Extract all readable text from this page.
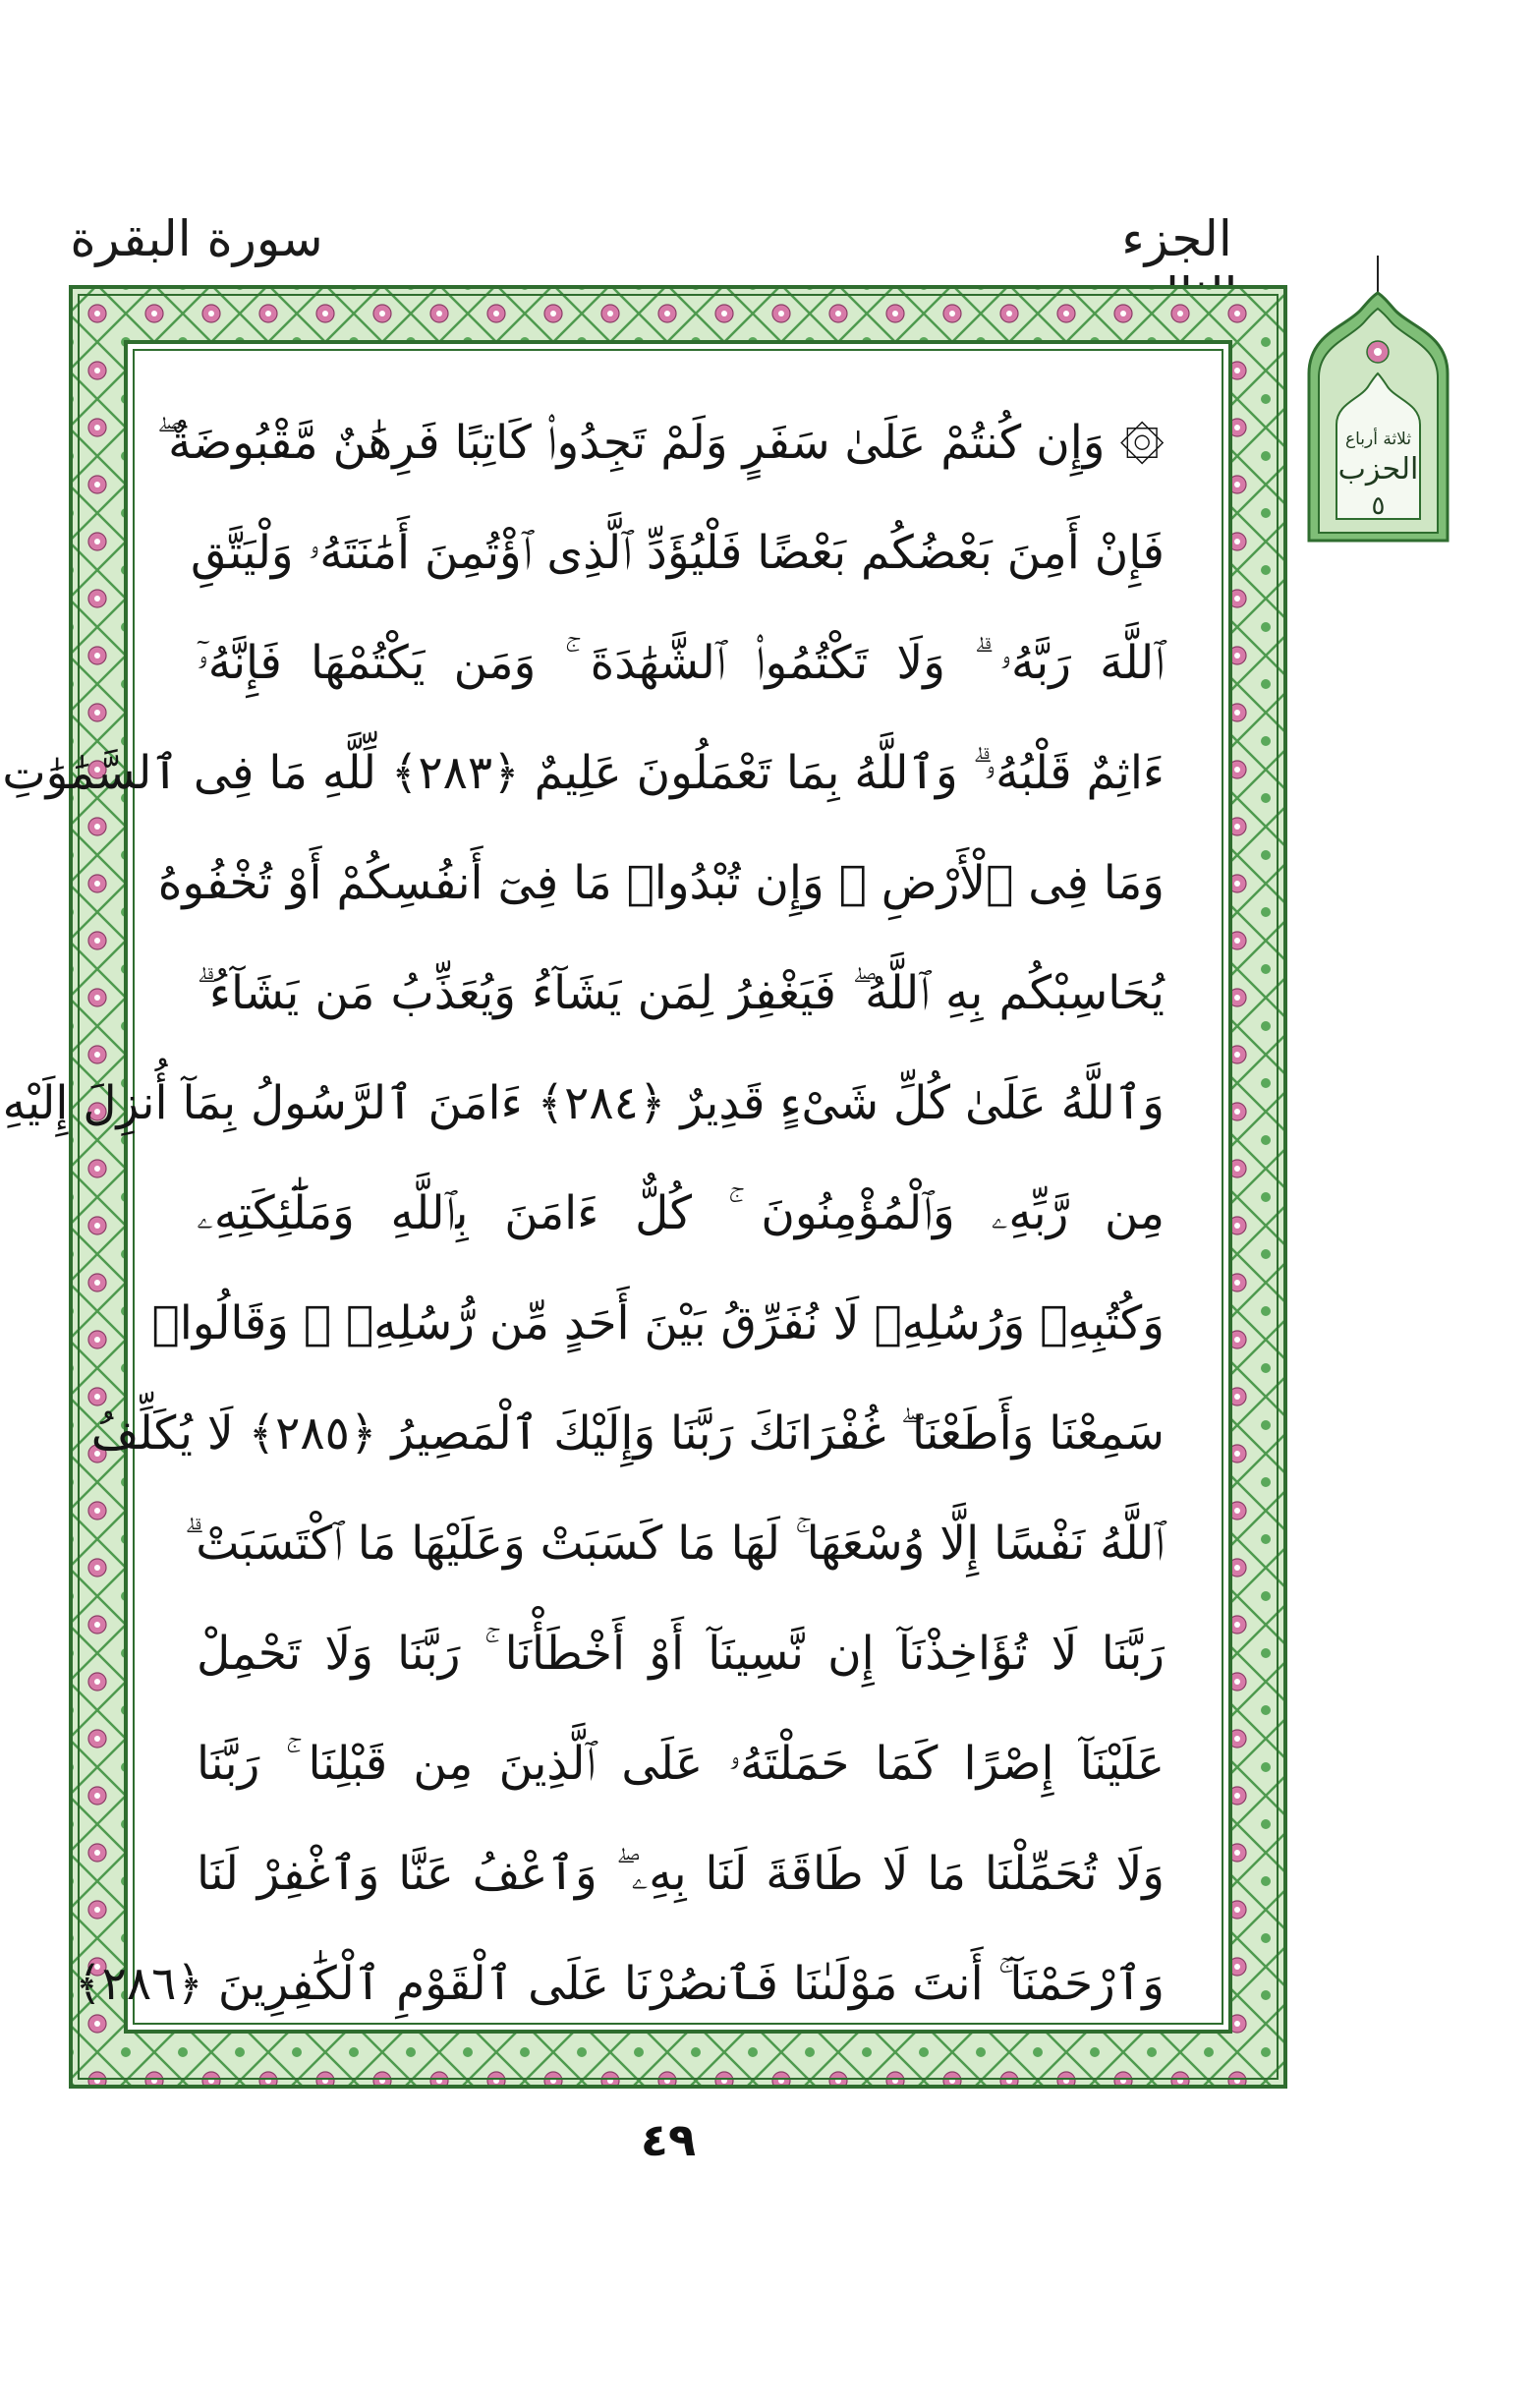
الجزء
سورة البقرة
ثلاثة أرباع
الحزب
٥
۞ وَإِن كُنتُمْ عَلَىٰ سَفَرٍ وَلَمْ تَجِدُوا۟ كَاتِبًا فَرِهَٰنٌ مَّقْبُوضَةٌ ۖ
فَإِنْ أَمِنَ بَعْضُكُم بَعْضًا فَلْيُؤَدِّ ٱلَّذِى ٱؤْتُمِنَ أَمَٰنَتَهُۥ وَلْيَتَّقِ
ٱللَّهَ رَبَّهُۥ ۗ وَلَا تَكْتُمُوا۟ ٱلشَّهَٰدَةَ ۚ وَمَن يَكْتُمْهَا فَإِنَّهُۥٓ
ءَاثِمٌ قَلْبُهُۥ ۗ وَٱللَّهُ بِمَا تَعْمَلُونَ عَلِيمٌ ﴿٢٨٣﴾ لِّلَّهِ مَا فِى ٱلسَّمَٰوَٰتِ
وَمَا فِى ٱلْأَرْضِ ۗ وَإِن تُبْدُوا۟ مَا فِىٓ أَنفُسِكُمْ أَوْ تُخْفُوهُ
يُحَاسِبْكُم بِهِ ٱللَّهُ ۖ فَيَغْفِرُ لِمَن يَشَآءُ وَيُعَذِّبُ مَن يَشَآءُ ۗ
وَٱللَّهُ عَلَىٰ كُلِّ شَىْءٍ قَدِيرٌ ﴿٢٨٤﴾ ءَامَنَ ٱلرَّسُولُ بِمَآ أُنزِلَ إِلَيْهِ
مِن رَّبِّهِۦ وَٱلْمُؤْمِنُونَ ۚ كُلٌّ ءَامَنَ بِٱللَّهِ وَمَلَٰٓئِكَتِهِۦ
وَكُتُبِهِۦ وَرُسُلِهِۦ لَا نُفَرِّقُ بَيْنَ أَحَدٍ مِّن رُّسُلِهِۦ ۚ وَقَالُوا۟
سَمِعْنَا وَأَطَعْنَا ۖ غُفْرَانَكَ رَبَّنَا وَإِلَيْكَ ٱلْمَصِيرُ ﴿٢٨٥﴾ لَا يُكَلِّفُ
ٱللَّهُ نَفْسًا إِلَّا وُسْعَهَا ۚ لَهَا مَا كَسَبَتْ وَعَلَيْهَا مَا ٱكْتَسَبَتْ ۗ
رَبَّنَا لَا تُؤَاخِذْنَآ إِن نَّسِينَآ أَوْ أَخْطَأْنَا ۚ رَبَّنَا وَلَا تَحْمِلْ
عَلَيْنَآ إِصْرًا كَمَا حَمَلْتَهُۥ عَلَى ٱلَّذِينَ مِن قَبْلِنَا ۚ رَبَّنَا
وَلَا تُحَمِّلْنَا مَا لَا طَاقَةَ لَنَا بِهِۦ ۖ وَٱعْفُ عَنَّا وَٱغْفِرْ لَنَا
وَٱرْحَمْنَآ ۚ أَنتَ مَوْلَىٰنَا فَٱنصُرْنَا عَلَى ٱلْقَوْمِ ٱلْكَٰفِرِينَ ﴿٢٨٦﴾
٤٩
